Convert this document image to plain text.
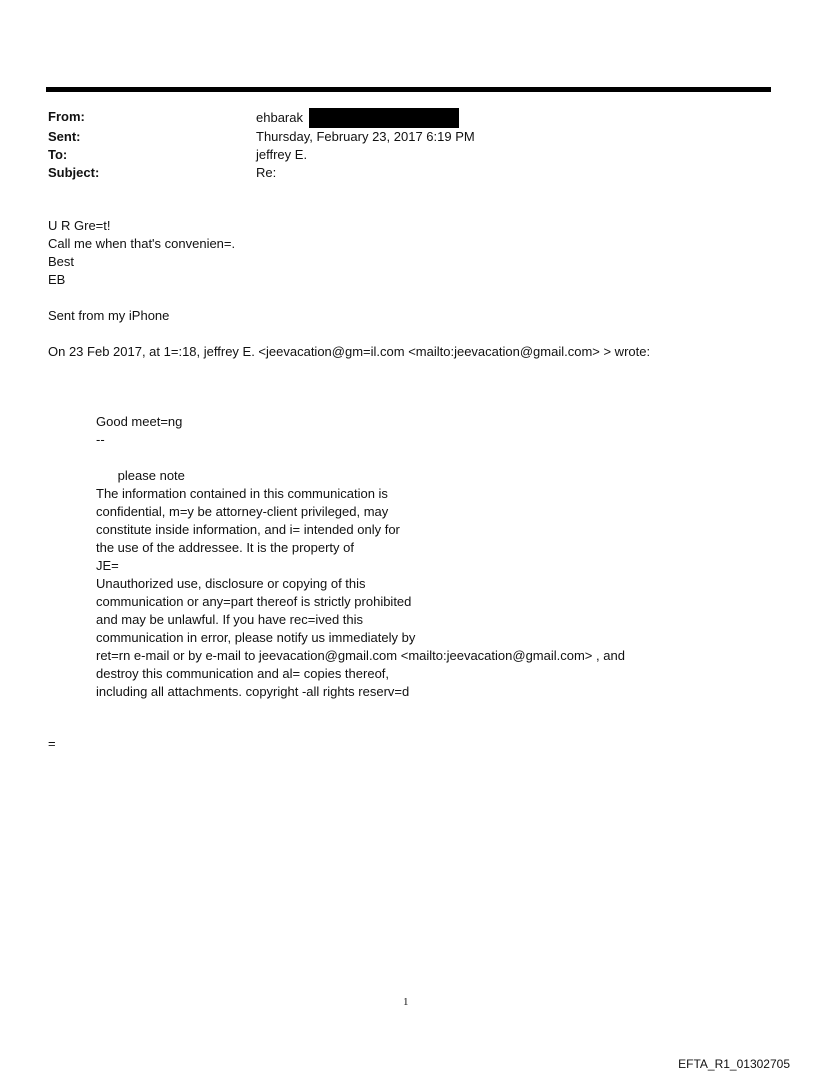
From:	ehbarak
Sent:	Thursday, February 23, 2017 6:19 PM
To:	jeffrey E.
Subject:	Re:

U R Gre=t!

Call me when that's convenien=.

Best

EB

Sent from my iPhone

On 23 Feb 2017, at 1=:18, jeffrey E. <jeevacation@gm=il.com <mailto:jeevacation@gmail.com> > wrote:

Good meet=ng

--

please note

The information contained in this communication is

confidential, m=y be attorney-client privileged, may

constitute inside information, and i= intended only for

the use of the addressee. It is the property of

JE=

Unauthorized use, disclosure or copying of this

communication or any=part thereof is strictly prohibited

and may be unlawful. If you have rec=ived this

communication in error, please notify us immediately by

ret=rn e-mail or by e-mail to jeevacation@gmail.com <mailto:jeevacation@gmail.com> , and

destroy this communication and al= copies thereof,

including all attachments. copyright -all rights reserv=d

=
1
EFTA_R1_01302705
